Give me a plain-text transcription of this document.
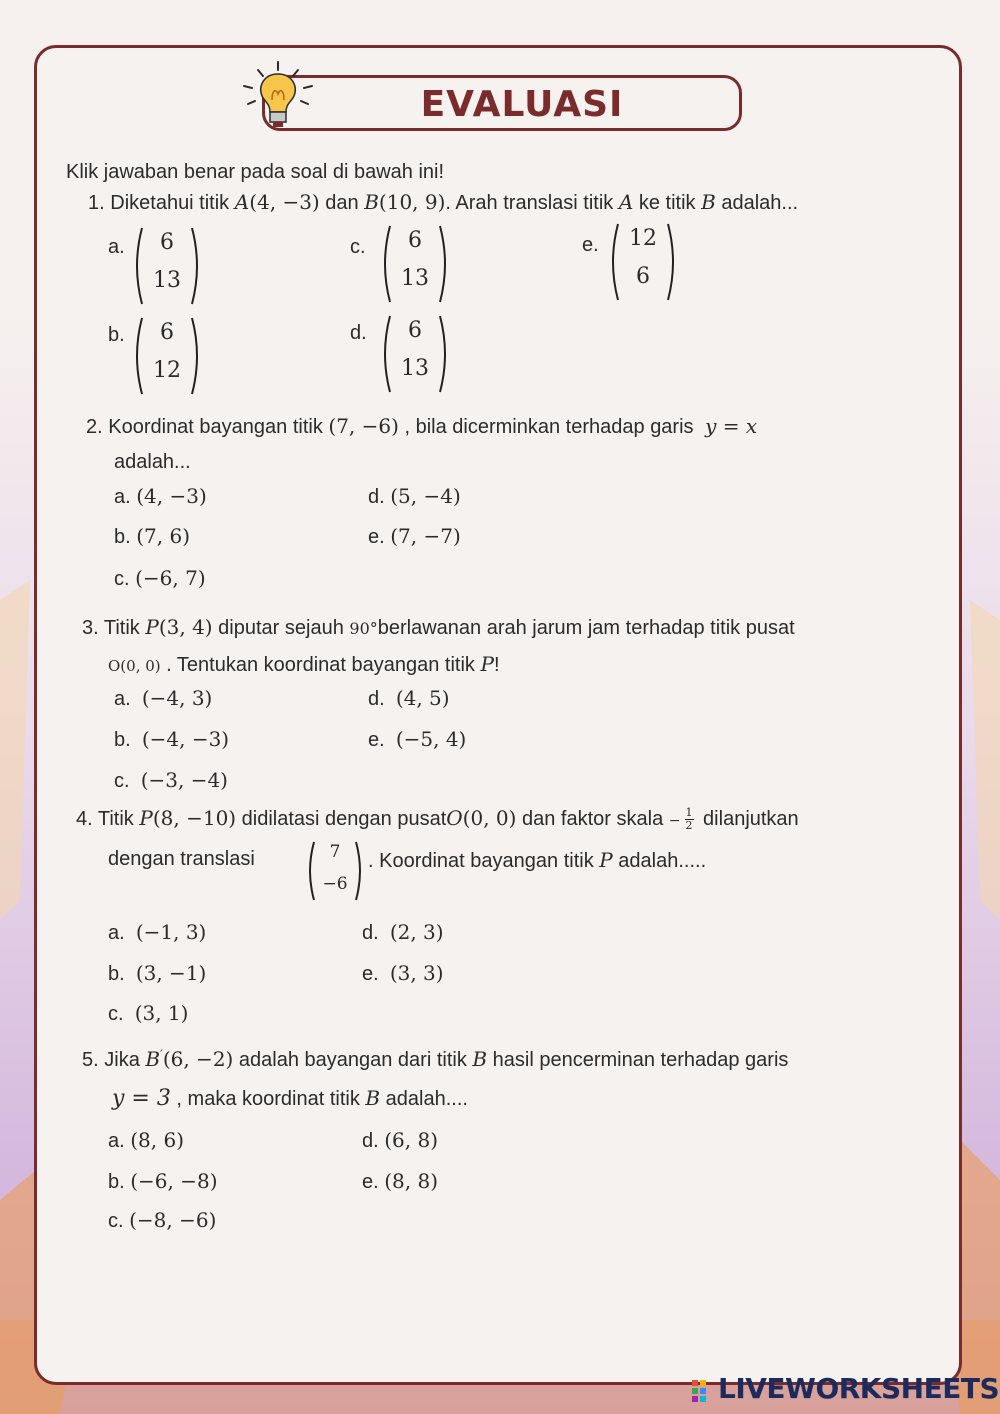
EVALUASI
Klik jawaban benar pada soal di bawah ini!
1. Diketahui titik A(4, −3) dan B(10, 9). Arah translasi titik A ke titik B adalah...
a.	6
13
b.	6
12
c.	6
13
d.	6
13
e.	12
6
2. Koordinat bayangan titik (7, −6) , bila dicerminkan terhadap garis y = x
adalah...
a. (4, −3)
b. (7, 6)
c. (−6, 7)
d. (5, −4)
e. (7, −7)
3. Titik P(3, 4) diputar sejauh 90°berlawanan arah jarum jam terhadap titik pusat
O(0, 0) . Tentukan koordinat bayangan titik P!
a. (−4, 3)
b. (−4, −3)
c. (−3, −4)
d. (4, 5)
e. (−5, 4)
4. Titik P(8, −10) didilatasi dengan pusatO(0, 0) dan faktor skala − $\frac{1}{2}$ dilanjutkan
dengan translasi	7
−6
. Koordinat bayangan titik P adalah.....
a. (−1, 3)
b. (3, −1)
c. (3, 1)
d. (2, 3)
e. (3, 3)
5. Jika B′(6, −2) adalah bayangan dari titik B hasil pencerminan terhadap garis
y = 3 , maka koordinat titik B adalah....
a. (8, 6)
b. (−6, −8)
c. (−8, −6)
d. (6, 8)
e. (8, 8)
LIVEWORKSHEETS
